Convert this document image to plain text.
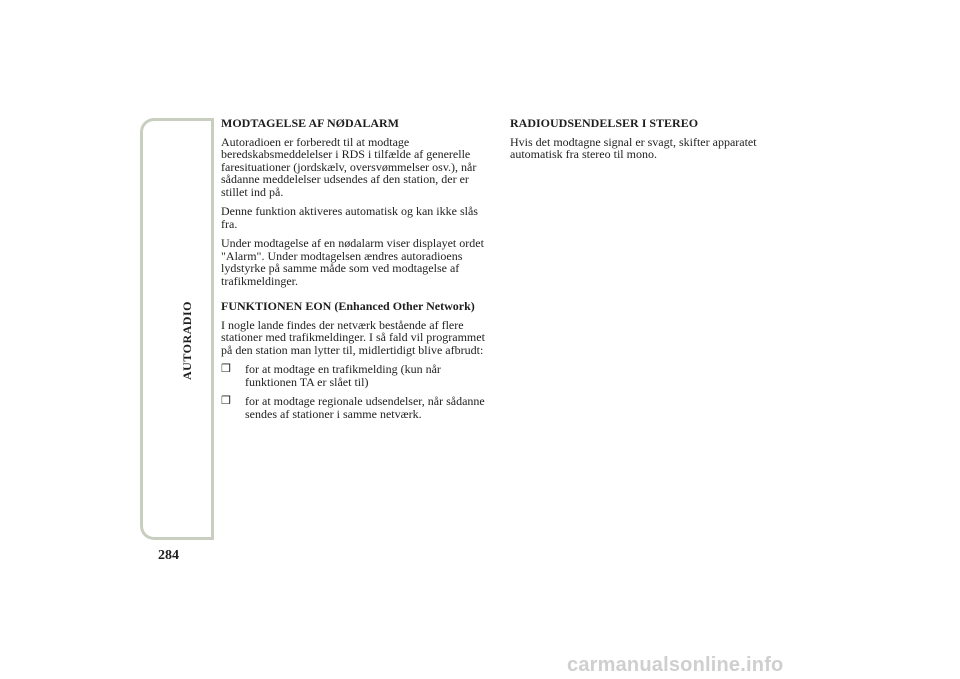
AUTORADIO
284
MODTAGELSE AF NØDALARM

Autoradioen er forberedt til at modtage beredskabsmeddelelser i RDS i tilfælde af generelle faresituationer (jordskælv, oversvømmelser osv.), når sådanne meddelelser udsendes af den station, der er stillet ind på.

Denne funktion aktiveres automatisk og kan ikke slås fra.

Under modtagelse af en nødalarm viser displayet ordet "Alarm". Under modtagelsen ændres autoradioens lydstyrke på samme måde som ved modtagelse af trafikmeldinger.

FUNKTIONEN EON (Enhanced Other Network)

I nogle lande findes der netværk bestående af flere stationer med trafikmeldinger. I så fald vil programmet på den station man lytter til, midlertidigt blive afbrudt:

❒ for at modtage en trafikmelding (kun når funktionen TA er slået til)
❒ for at modtage regionale udsendelser, når sådanne sendes af stationer i samme netværk.
RADIOUDSENDELSER I STEREO

Hvis det modtagne signal er svagt, skifter apparatet automatisk fra stereo til mono.

carmanualsonline.info
